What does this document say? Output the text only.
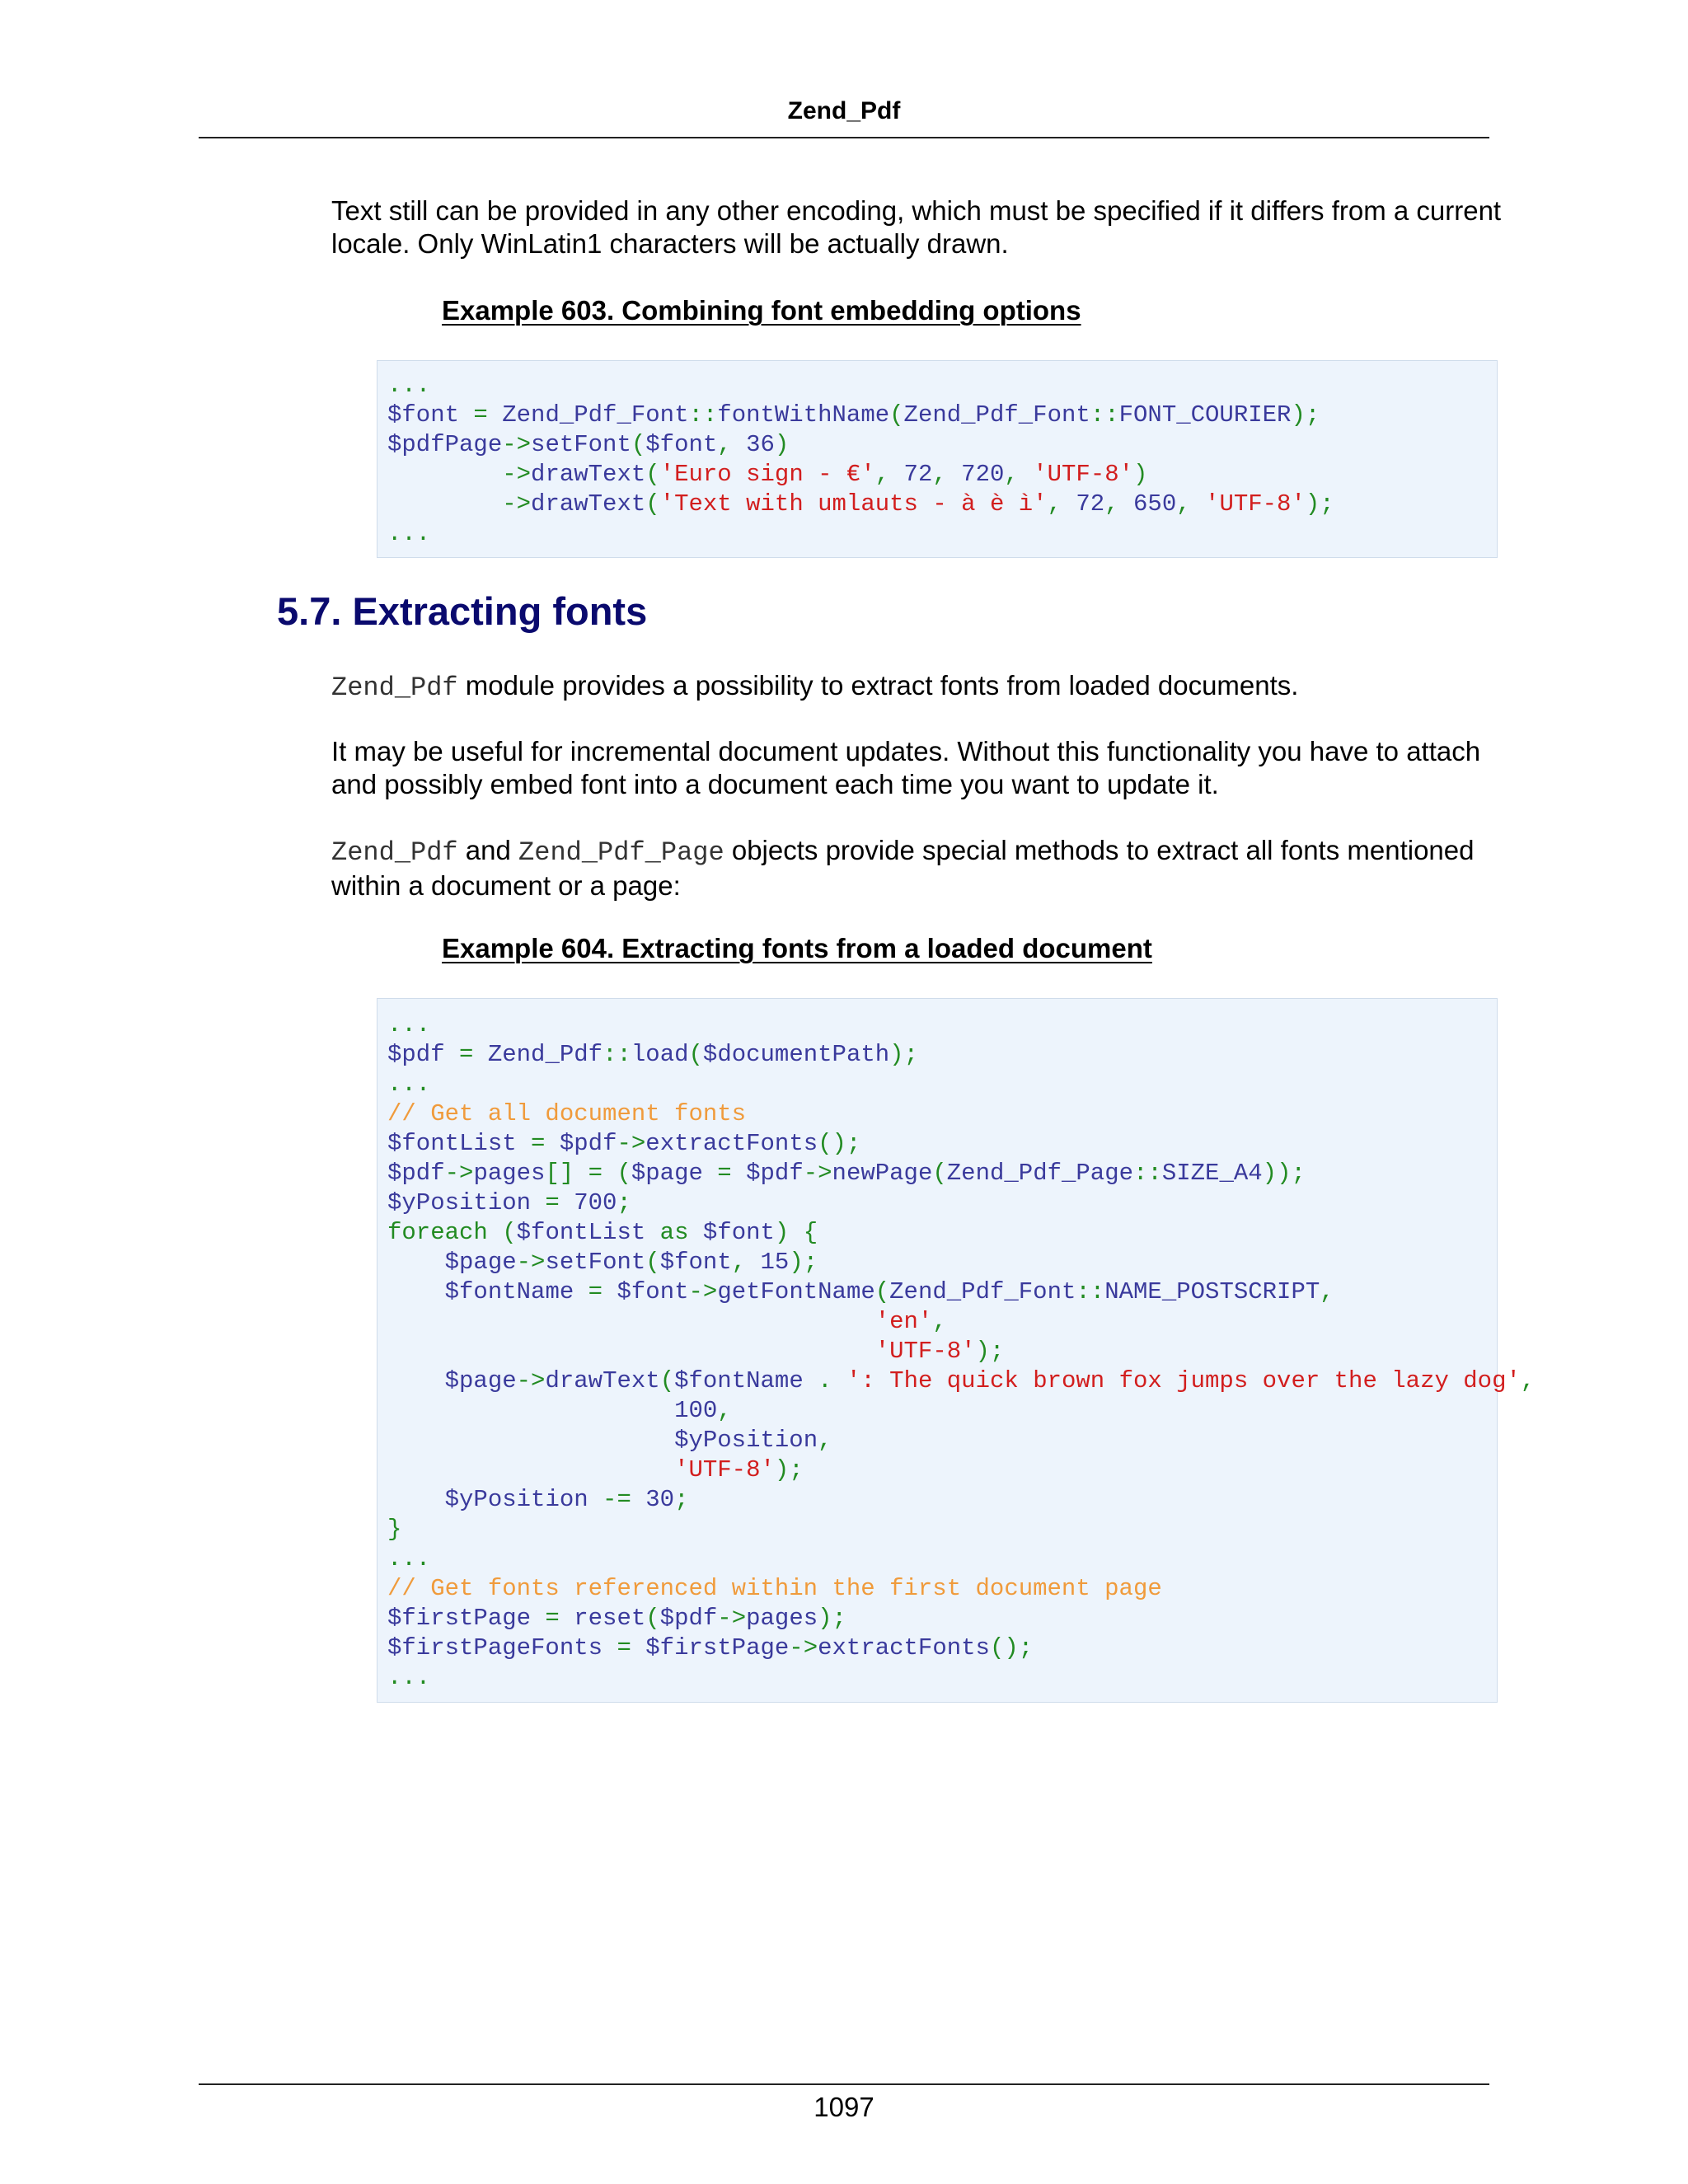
Zend_Pdf

Text still can be provided in any other encoding, which must be specified if it differs from a current locale. Only WinLatin1 characters will be actually drawn.

Example 603. Combining font embedding options

...
$font = Zend_Pdf_Font::fontWithName(Zend_Pdf_Font::FONT_COURIER);
$pdfPage->setFont($font, 36)
->drawText('Euro sign - €', 72, 720, 'UTF-8')
->drawText('Text with umlauts - à è ì', 72, 650, 'UTF-8');
...
5.7. Extracting fonts

Zend_Pdf module provides a possibility to extract fonts from loaded documents.

It may be useful for incremental document updates. Without this functionality you have to attach and possibly embed font into a document each time you want to update it.

Zend_Pdf and Zend_Pdf_Page objects provide special methods to extract all fonts mentioned within a document or a page:

Example 604. Extracting fonts from a loaded document

...
$pdf = Zend_Pdf::load($documentPath);
...
// Get all document fonts
$fontList = $pdf->extractFonts();
$pdf->pages[] = ($page = $pdf->newPage(Zend_Pdf_Page::SIZE_A4));
$yPosition = 700;
foreach ($fontList as $font) {
$page->setFont($font, 15);
$fontName = $font->getFontName(Zend_Pdf_Font::NAME_POSTSCRIPT,
'en',
'UTF-8');
$page->drawText($fontName . ': The quick brown fox jumps over the lazy dog',
100,
$yPosition,
'UTF-8');
$yPosition -= 30;
}
...
// Get fonts referenced within the first document page
$firstPage = reset($pdf->pages);
$firstPageFonts = $firstPage->extractFonts();
...
1097
